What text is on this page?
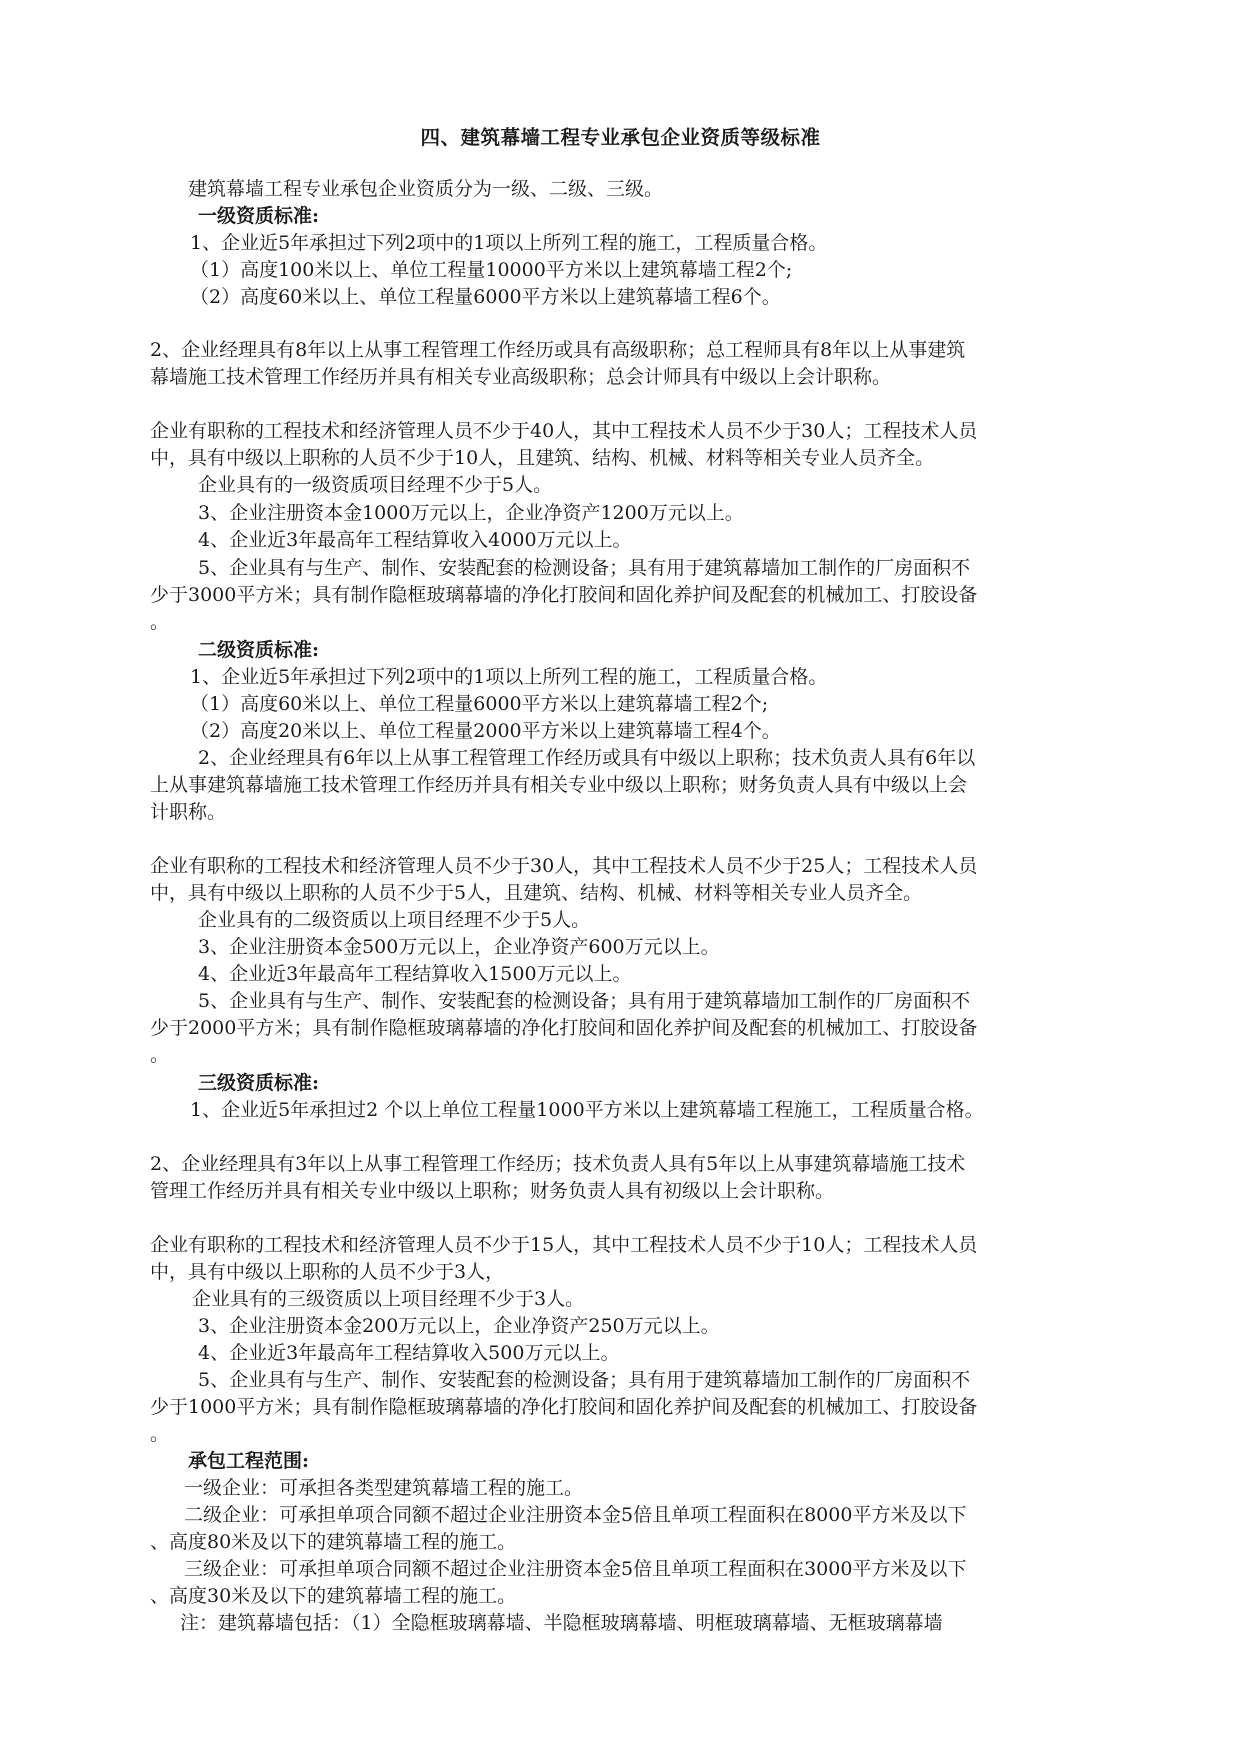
四、建筑幕墙工程专业承包企业资质等级标准

建筑幕墙工程专业承包企业资质分为一级、二级、三级。

一级资质标准:

1、企业近5年承担过下列2项中的1项以上所列工程的施工，工程质量合格。

（1）高度100米以上、单位工程量10000平方米以上建筑幕墙工程2个;

（2）高度60米以上、单位工程量6000平方米以上建筑幕墙工程6个。

2、企业经理具有8年以上从事工程管理工作经历或具有高级职称；总工程师具有8年以上从事建筑

幕墙施工技术管理工作经历并具有相关专业高级职称；总会计师具有中级以上会计职称。

企业有职称的工程技术和经济管理人员不少于40人，其中工程技术人员不少于30人；工程技术人员

中，具有中级以上职称的人员不少于10人，且建筑、结构、机械、材料等相关专业人员齐全。

企业具有的一级资质项目经理不少于5人。

3、企业注册资本金1000万元以上，企业净资产1200万元以上。

4、企业近3年最高年工程结算收入4000万元以上。

5、企业具有与生产、制作、安装配套的检测设备；具有用于建筑幕墙加工制作的厂房面积不

少于3000平方米；具有制作隐框玻璃幕墙的净化打胶间和固化养护间及配套的机械加工、打胶设备

。

二级资质标准:

1、企业近5年承担过下列2项中的1项以上所列工程的施工，工程质量合格。

（1）高度60米以上、单位工程量6000平方米以上建筑幕墙工程2个;

（2）高度20米以上、单位工程量2000平方米以上建筑幕墙工程4个。

2、企业经理具有6年以上从事工程管理工作经历或具有中级以上职称；技术负责人具有6年以

上从事建筑幕墙施工技术管理工作经历并具有相关专业中级以上职称；财务负责人具有中级以上会

计职称。

企业有职称的工程技术和经济管理人员不少于30人，其中工程技术人员不少于25人；工程技术人员

中，具有中级以上职称的人员不少于5人，且建筑、结构、机械、材料等相关专业人员齐全。

企业具有的二级资质以上项目经理不少于5人。

3、企业注册资本金500万元以上，企业净资产600万元以上。

4、企业近3年最高年工程结算收入1500万元以上。

5、企业具有与生产、制作、安装配套的检测设备；具有用于建筑幕墙加工制作的厂房面积不

少于2000平方米；具有制作隐框玻璃幕墙的净化打胶间和固化养护间及配套的机械加工、打胶设备

。

三级资质标准:

1、企业近5年承担过2 个以上单位工程量1000平方米以上建筑幕墙工程施工，工程质量合格。

2、企业经理具有3年以上从事工程管理工作经历；技术负责人具有5年以上从事建筑幕墙施工技术

管理工作经历并具有相关专业中级以上职称；财务负责人具有初级以上会计职称。

企业有职称的工程技术和经济管理人员不少于15人，其中工程技术人员不少于10人；工程技术人员

中，具有中级以上职称的人员不少于3人，

企业具有的三级资质以上项目经理不少于3人。

3、企业注册资本金200万元以上，企业净资产250万元以上。

4、企业近3年最高年工程结算收入500万元以上。

5、企业具有与生产、制作、安装配套的检测设备；具有用于建筑幕墙加工制作的厂房面积不

少于1000平方米；具有制作隐框玻璃幕墙的净化打胶间和固化养护间及配套的机械加工、打胶设备

。

承包工程范围:

一级企业：可承担各类型建筑幕墙工程的施工。

二级企业：可承担单项合同额不超过企业注册资本金5倍且单项工程面积在8000平方米及以下

、高度80米及以下的建筑幕墙工程的施工。

三级企业：可承担单项合同额不超过企业注册资本金5倍且单项工程面积在3000平方米及以下

、高度30米及以下的建筑幕墙工程的施工。

注：建筑幕墙包括：（1）全隐框玻璃幕墙、半隐框玻璃幕墙、明框玻璃幕墙、无框玻璃幕墙
